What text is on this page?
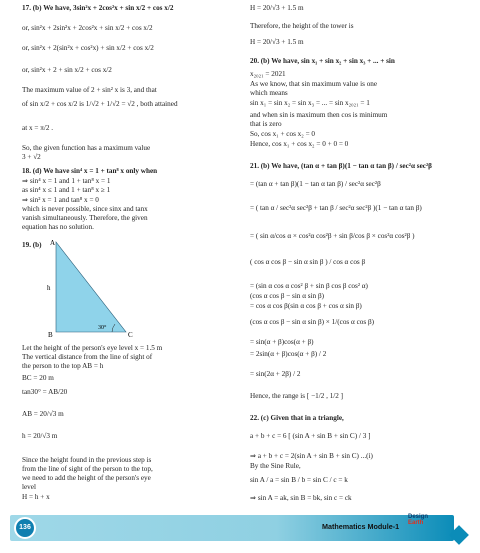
17. (b) We have, 3sin²x + 2cos²x + sin x/2 + cos x/2
or, sin²x + 2sin²x + 2cos²x + sin x/2 + cos x/2
or, sin²x + 2(sin²x + cos²x) + sin x/2 + cos x/2
or, sin²x + 2 + sin x/2 + cos x/2
The maximum value of 2 + sin² x is 3, and that
of sin x/2 + cos x/2 is 1/√2 + 1/√2 = √2 , both attained
at x = π/2 .
So, the given function has a maximum value
3 + √2
18. (d) We have sin⁴ x = 1 + tan⁸ x only when
⇒ sin⁴ x = 1 and 1 + tan⁸ x = 1
as sin⁴ x ≤ 1 and 1 + tan⁸ x ≥ 1
⇒ sin² x = 1 and tan⁸ x = 0
which is never possible, since sinx and tanx
vanish simultaneously. Therefore, the given
equation has no solution.
19. (b) A
B	C
h
30°
Let the height of the person's eye level x = 1.5 m
The vertical distance from the line of sight of
the person to the top AB = h
BC = 20 m
tan30° = AB/20
AB = 20/√3 m
h = 20/√3 m
Since the height found in the previous step is
from the line of sight of the person to the top,
we need to add the height of the person's eye
level
H = h + x
H = 20/√3 + 1.5 m
Therefore, the height of the tower is
H = 20/√3 + 1.5 m
20. (b) We have, sin x₁ + sin x₂ + sin x₃ + ... + sin
x₂₀₂₁ = 2021
As we know, that sin maximum value is one
which means
sin x₁ = sin x₂ = sin x₃ = ... = sin x₂₀₂₁ = 1
and when sin is maximum then cos is minimum
that is zero
So, cos x₁ + cos x₂ = 0
Hence, cos x₁ + cos x₂ = 0 + 0 = 0
21. (b) We have, (tan α + tan β)(1 − tan α tan β) / sec²α sec²β
= (tan α + tan β)(1 − tan α tan β) / sec²α sec²β
= ( tan α / sec²α sec²β + tan β / sec²α sec²β )(1 − tan α tan β)
= ( sin α/cos α × cos²α cos²β + sin β/cos β × cos²α cos²β )
( cos α cos β − sin α sin β ) / cos α cos β
= (sin α cos α cos² β + sin β cos β cos² α)
(cos α cos β − sin α sin β)
= cos α cos β(sin α cos β + cos α sin β)
(cos α cos β − sin α sin β) × 1/(cos α cos β)
= sin(α + β)cos(α + β)
= 2sin(α + β)cos(α + β) / 2
= sin(2α + 2β) / 2
Hence, the range is [ −1/2 , 1/2 ]
22. (c) Given that in a triangle,
a + b + c = 6 [ (sin A + sin B + sin C) / 3 ]
⇒ a + b + c = 2(sin A + sin B + sin C) ...(i)
By the Sine Rule,
sin A / a = sin B / b = sin C / c = k
⇒ sin A = ak, sin B = bk, sin c = ck
136	Mathematics Module-1
Design
Earth
